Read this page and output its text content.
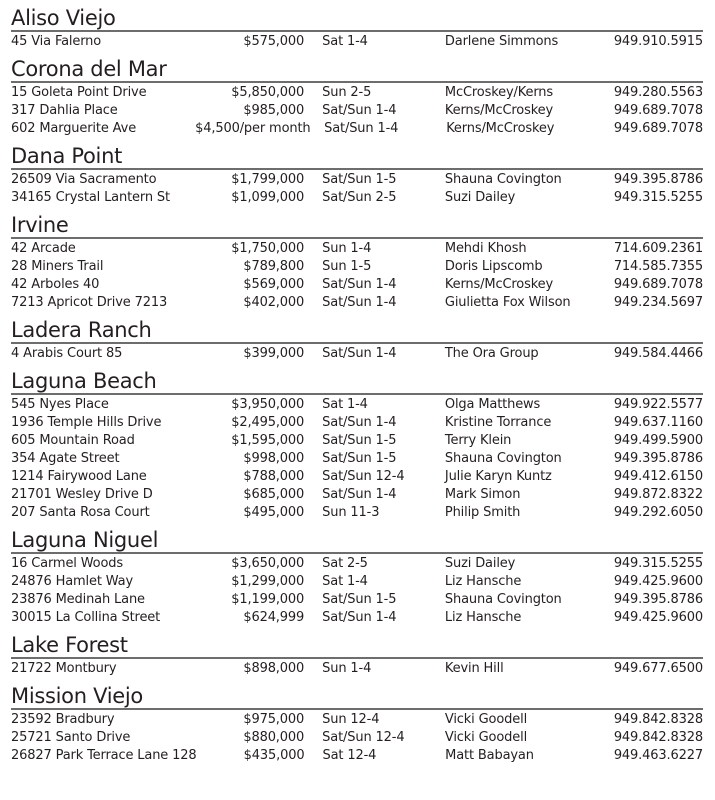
Aliso Viejo
45 Via Falerno	$575,000	Sat 1-4	Darlene Simmons	949.910.5915
Corona del Mar
15 Goleta Point Drive	$5,850,000	Sun 2-5	McCroskey/Kerns	949.280.5563
317 Dahlia Place	$985,000	Sat/Sun 1-4	Kerns/McCroskey	949.689.7078
602 Marguerite Ave	$4,500/per month	Sat/Sun 1-4	Kerns/McCroskey	949.689.7078
Dana Point
26509 Via Sacramento	$1,799,000	Sat/Sun 1-5	Shauna Covington	949.395.8786
34165 Crystal Lantern St	$1,099,000	Sat/Sun 2-5	Suzi Dailey	949.315.5255
Irvine
42 Arcade	$1,750,000	Sun 1-4	Mehdi Khosh	714.609.2361
28 Miners Trail	$789,800	Sun 1-5	Doris Lipscomb	714.585.7355
42 Arboles 40	$569,000	Sat/Sun 1-4	Kerns/McCroskey	949.689.7078
7213 Apricot Drive 7213	$402,000	Sat/Sun 1-4	Giulietta Fox Wilson	949.234.5697
Ladera Ranch
4 Arabis Court 85	$399,000	Sat/Sun 1-4	The Ora Group	949.584.4466
Laguna Beach
545 Nyes Place	$3,950,000	Sat 1-4	Olga Matthews	949.922.5577
1936 Temple Hills Drive	$2,495,000	Sat/Sun 1-4	Kristine Torrance	949.637.1160
605 Mountain Road	$1,595,000	Sat/Sun 1-5	Terry Klein	949.499.5900
354 Agate Street	$998,000	Sat/Sun 1-5	Shauna Covington	949.395.8786
1214 Fairywood Lane	$788,000	Sat/Sun 12-4	Julie Karyn Kuntz	949.412.6150
21701 Wesley Drive D	$685,000	Sat/Sun 1-4	Mark Simon	949.872.8322
207 Santa Rosa Court	$495,000	Sun 11-3	Philip Smith	949.292.6050
Laguna Niguel
16 Carmel Woods	$3,650,000	Sat 2-5	Suzi Dailey	949.315.5255
24876 Hamlet Way	$1,299,000	Sat 1-4	Liz Hansche	949.425.9600
23876 Medinah Lane	$1,199,000	Sat/Sun 1-5	Shauna Covington	949.395.8786
30015 La Collina Street	$624,999	Sat/Sun 1-4	Liz Hansche	949.425.9600
Lake Forest
21722 Montbury	$898,000	Sun 1-4	Kevin Hill	949.677.6500
Mission Viejo
23592 Bradbury	$975,000	Sun 12-4	Vicki Goodell	949.842.8328
25721 Santo Drive	$880,000	Sat/Sun 12-4	Vicki Goodell	949.842.8328
26827 Park Terrace Lane 128	$435,000	Sat 12-4	Matt Babayan	949.463.6227
